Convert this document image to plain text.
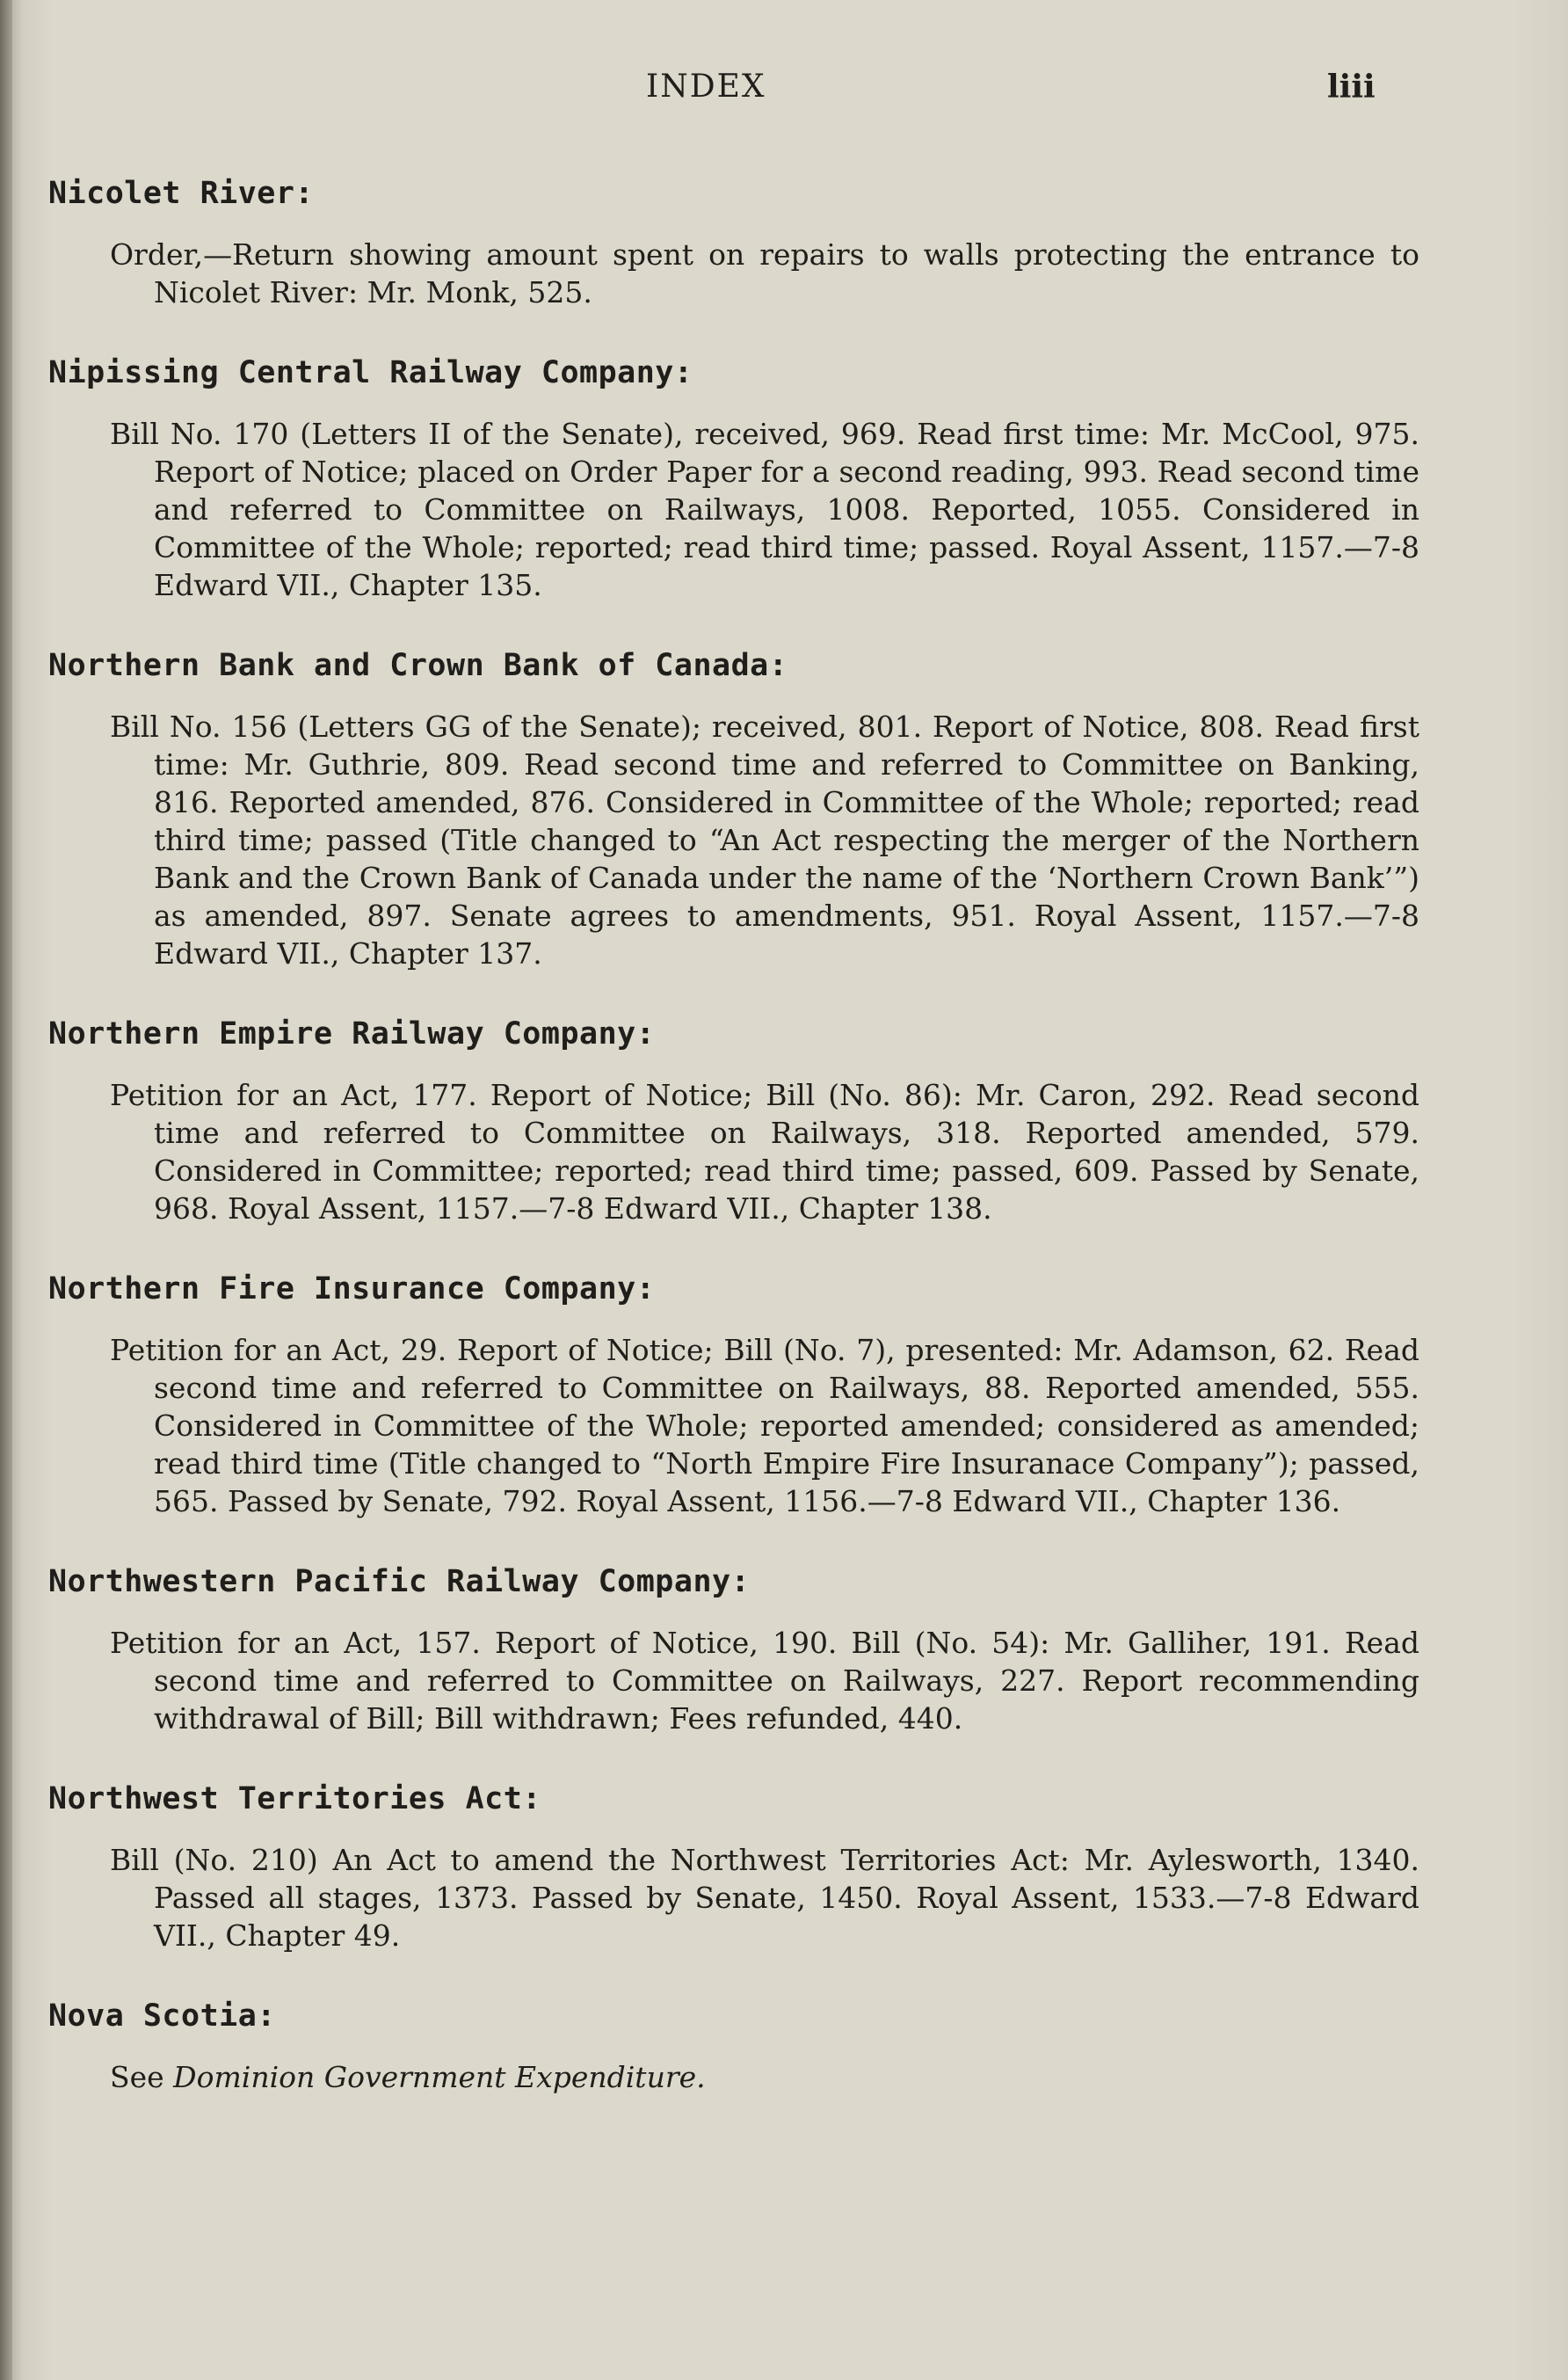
INDEX	liii
Nicolet River:

Order,—Return showing amount spent on repairs to walls protecting the entrance to Nicolet River: Mr. Monk, 525.

Nipissing Central Railway Company:

Bill No. 170 (Letters II of the Senate), received, 969. Read first time: Mr. McCool, 975. Report of Notice; placed on Order Paper for a second reading, 993. Read second time and referred to Committee on Railways, 1008. Reported, 1055. Considered in Committee of the Whole; reported; read third time; passed. Royal Assent, 1157.—7-8 Edward VII., Chapter 135.

Northern Bank and Crown Bank of Canada:

Bill No. 156 (Letters GG of the Senate); received, 801. Report of Notice, 808. Read first time: Mr. Guthrie, 809. Read second time and referred to Committee on Banking, 816. Reported amended, 876. Considered in Committee of the Whole; reported; read third time; passed (Title changed to “An Act respecting the merger of the Northern Bank and the Crown Bank of Canada under the name of the ‘Northern Crown Bank’”) as amended, 897. Senate agrees to amendments, 951. Royal Assent, 1157.—7-8 Edward VII., Chapter 137.

Northern Empire Railway Company:

Petition for an Act, 177. Report of Notice; Bill (No. 86): Mr. Caron, 292. Read second time and referred to Committee on Railways, 318. Reported amended, 579. Considered in Committee; reported; read third time; passed, 609. Passed by Senate, 968. Royal Assent, 1157.—7-8 Edward VII., Chapter 138.

Northern Fire Insurance Company:

Petition for an Act, 29. Report of Notice; Bill (No. 7), presented: Mr. Adamson, 62. Read second time and referred to Committee on Railways, 88. Reported amended, 555. Considered in Committee of the Whole; reported amended; considered as amended; read third time (Title changed to “North Empire Fire Insuranace Company”); passed, 565. Passed by Senate, 792. Royal Assent, 1156.—7-8 Edward VII., Chapter 136.

Northwestern Pacific Railway Company:

Petition for an Act, 157. Report of Notice, 190. Bill (No. 54): Mr. Galliher, 191. Read second time and referred to Committee on Railways, 227. Report recommending withdrawal of Bill; Bill withdrawn; Fees refunded, 440.

Northwest Territories Act:

Bill (No. 210) An Act to amend the Northwest Territories Act: Mr. Aylesworth, 1340. Passed all stages, 1373. Passed by Senate, 1450. Royal Assent, 1533.—7-8 Edward VII., Chapter 49.

Nova Scotia:

See Dominion Government Expenditure.
